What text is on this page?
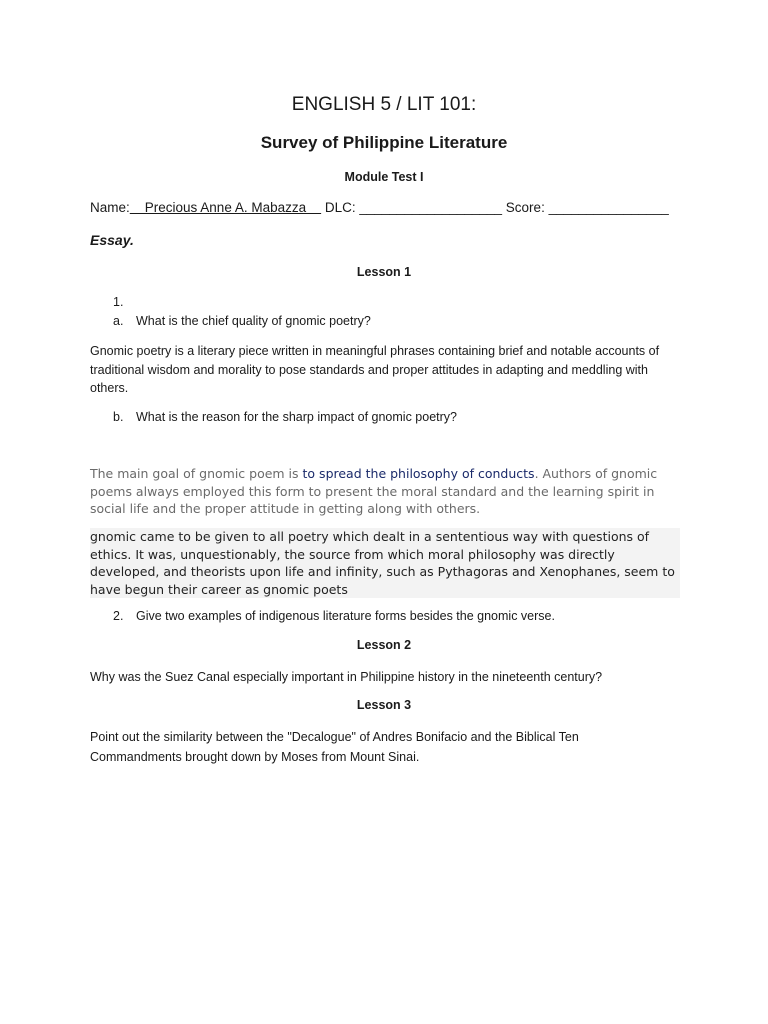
ENGLISH 5 / LIT 101:
Survey of Philippine Literature
Module Test I
Name:    Precious Anne A. Mabazza     DLC: ___________________ Score: ________________
Essay.
Lesson 1
1.
a. What is the chief quality of gnomic poetry?
Gnomic poetry is a literary piece written in meaningful phrases containing brief and notable accounts of traditional wisdom and morality to pose standards and proper attitudes in adapting and meddling with others.
b. What is the reason for the sharp impact of gnomic poetry?
The main goal of gnomic poem is to spread the philosophy of conducts. Authors of gnomic poems always employed this form to present the moral standard and the learning spirit in social life and the proper attitude in getting along with others.
gnomic came to be given to all poetry which dealt in a sententious way with questions of ethics. It was, unquestionably, the source from which moral philosophy was directly developed, and theorists upon life and infinity, such as Pythagoras and Xenophanes, seem to have begun their career as gnomic poets
2. Give two examples of indigenous literature forms besides the gnomic verse.
Lesson 2
Why was the Suez Canal especially important in Philippine history in the nineteenth century?
Lesson 3
Point out the similarity between the "Decalogue" of Andres Bonifacio and the Biblical Ten Commandments brought down by Moses from Mount Sinai.
